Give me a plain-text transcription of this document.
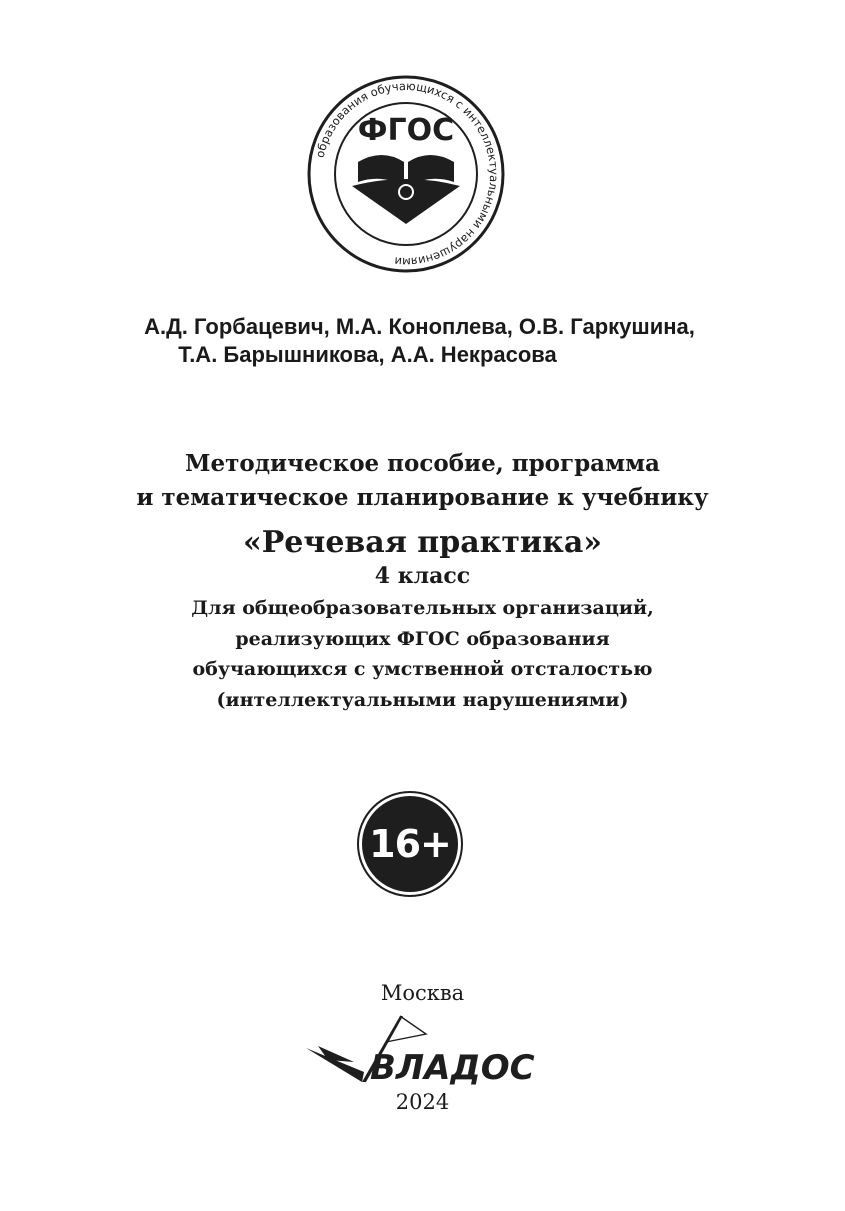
образования обучающихся с интеллектуальными нарушениями
ФГОС
А.Д. Горбацевич, М.А. Коноплева, О.В. Гаркушина,
Т.А. Барышникова, А.А. Некрасова
Методическое пособие, программа
и тематическое планирование к учебнику
«Речевая практика»
4 класс
Для общеобразовательных организаций,
реализующих ФГОС образования
обучающихся с умственной отсталостью
(интеллектуальными нарушениями)
16+
Москва
ВЛАДОС
2024
